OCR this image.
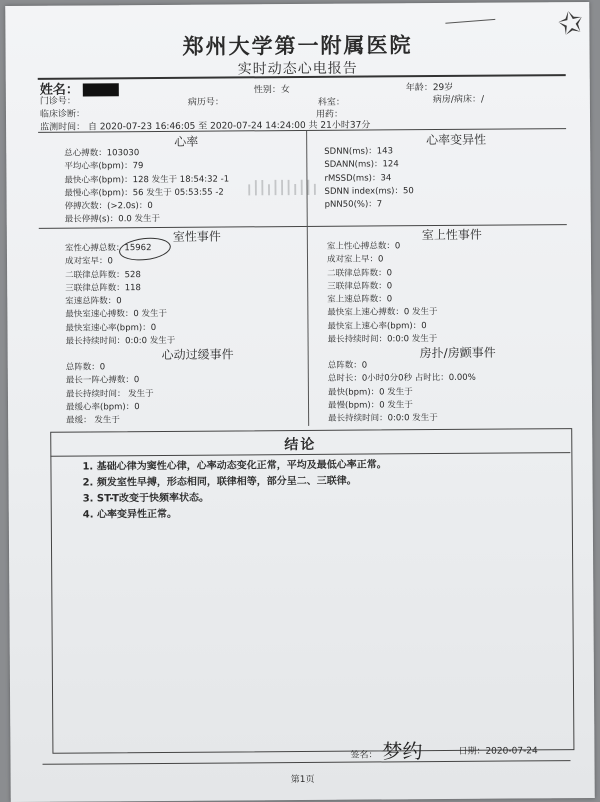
✩
郑州大学第一附属医院
实时动态心电报告
姓名：	性别：女	年龄：29岁
门诊号：	病历号：	科室：	病房/病床：/
临床诊断：	用药：
监测时间： 自 2020-07-23 16:46:05 至 2020-07-24 14:24:00 共 21小时37分
ıllılllıllı
心率	心率变异性
总心搏数：103030
平均心率(bpm)：79
最快心率(bpm)：128 发生于 18:54:32 -1
最慢心率(bpm)：56 发生于 05:53:55 -2
停搏次数：(>2.0s)：0
最长停搏(s)：0.0 发生于
SDNN(ms)：143
SDANN(ms)：124
rMSSD(ms)：34
SDNN index(ms)：50
pNN50(%)：7
室性事件	室上性事件
室性心搏总数：15962
成对室早：0
二联律总阵数：528
三联律总阵数：118
室速总阵数：0
最快室速心搏数：0 发生于
最快室速心率(bpm)：0
最长持续时间：0:0:0 发生于
室上性心搏总数：0
成对室上早：0
二联律总阵数：0
三联律总阵数：0
室上速总阵数：0
最快室上速心搏数：0 发生于
最快室上速心率(bpm)：0
最长持续时间：0:0:0 发生于
心动过缓事件	房扑/房颤事件
总阵数：0
最长一阵心搏数：0
最长持续时间： 发生于
最缓心率(bpm)：0
最缓： 发生于
总阵数：0
总时长：0小时0分0秒 占时比：0.00%
最快(bpm)：0 发生于
最慢(bpm)：0 发生于
最长持续时间：0:0:0 发生于
结论
1. 基础心律为窦性心律，心率动态变化正常，平均及最低心率正常。
2. 频发室性早搏，形态相同，联律相等，部分呈二、三联律。
3. ST-T改变于快频率状态。
4. 心率变异性正常。
签名： 梦约	日期：2020-07-24
第1页
